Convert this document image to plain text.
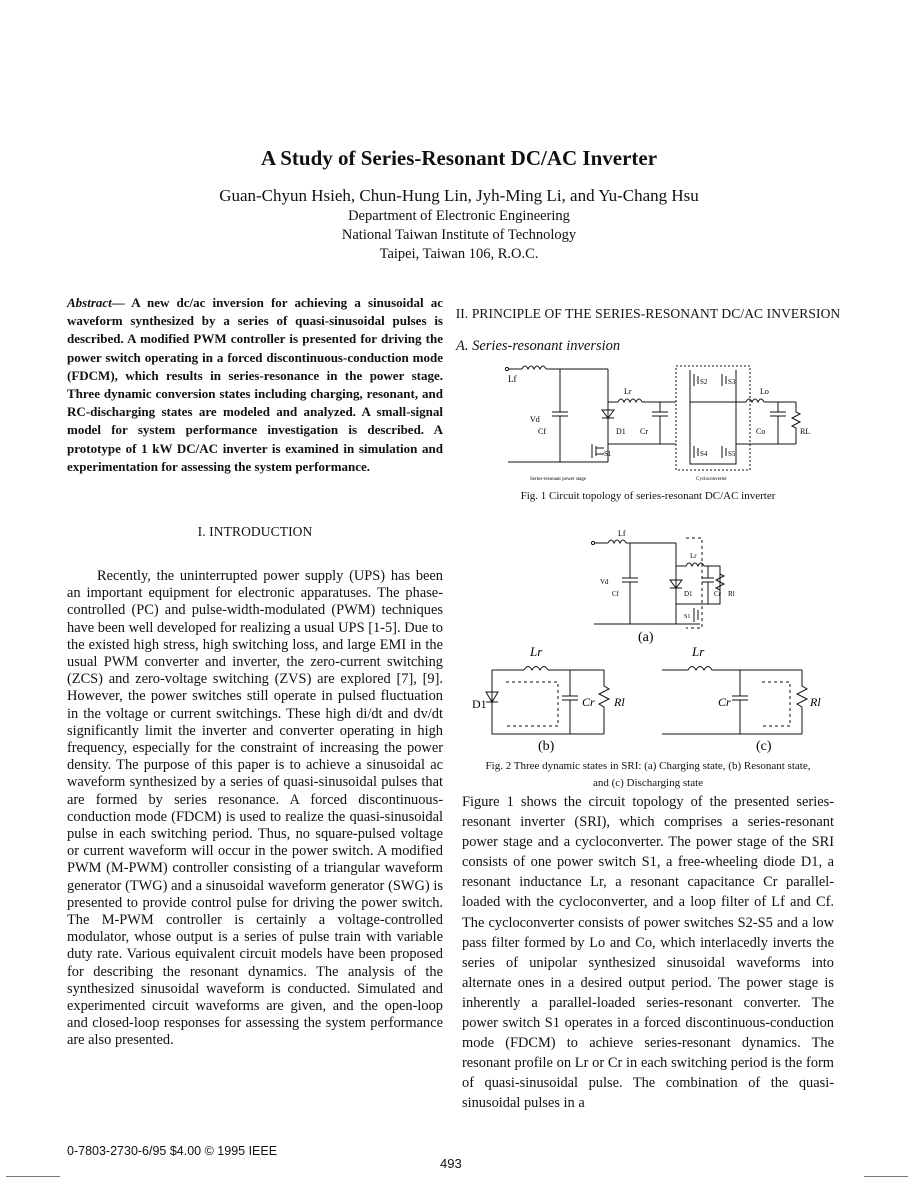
A Study of Series-Resonant DC/AC Inverter
Guan-Chyun Hsieh, Chun-Hung Lin, Jyh-Ming Li, and Yu-Chang Hsu
Department of Electronic Engineering
National Taiwan Institute of Technology
Taipei, Taiwan 106, R.O.C.
Abstract— A new dc/ac inversion for achieving a sinusoidal ac waveform synthesized by a series of quasi-sinusoidal pulses is described. A modified PWM controller is presented for driving the power switch operating in a forced discontinuous-conduction mode (FDCM), which results in series-resonance in the power stage. Three dynamic conversion states including charging, resonant, and RC-discharging states are modeled and analyzed. A small-signal model for system performance investigation is described. A prototype of 1 kW DC/AC inverter is examined in simulation and experimentation for assessing the system performance.
I. INTRODUCTION
Recently, the uninterrupted power supply (UPS) has been an important equipment for electronic apparatuses. The phase-controlled (PC) and pulse-width-modulated (PWM) techniques have been well developed for realizing a usual UPS [1-5]. Due to the existed high stress, high switching loss, and large EMI in the usual PWM converter and inverter, the zero-current switching (ZCS) and zero-voltage switching (ZVS) are explored [7], [9]. However, the power switches still operate in pulsed fluctuation in the voltage or current switchings. These high di/dt and dv/dt significantly limit the inverter and converter operating in high frequency, especially for the constraint of increasing the power density. The purpose of this paper is to achieve a sinusoidal ac waveform synthesized by a series of quasi-sinusoidal pulses that are formed by series resonance. A forced discontinuous-conduction mode (FDCM) is used to realize the quasi-sinusoidal pulse in each switching period. Thus, no square-pulsed voltage or current waveform will occur in the power switch. A modified PWM (M-PWM) controller consisting of a triangular waveform generator (TWG) and a sinusoidal waveform generator (SWG) is presented to provide control pulse for driving the power switch. The M-PWM controller is certainly a voltage-controlled modulator, whose output is a series of pulse train with variable duty rate. Various equivalent circuit models have been proposed for describing the resonant dynamics. The analysis of the synthesized sinusoidal waveform is conducted. Simulated and experimented circuit waveforms are given, and the open-loop and closed-loop responses for assessing the system performance are also presented.
II. PRINCIPLE OF THE SERIES-RESONANT DC/AC INVERSION
A. Series-resonant inversion
Lf
Lr	Lo
Vd
Cf	D1 Cr	Co	RL
S1
S2	S3
S4	S5
Series-resonant power stage	Cycloconverter
Fig. 1 Circuit topology of series-resonant DC/AC inverter
Lf
Lr
Vd
Cf	D1	Cr Rl
S1
(a)
Lr
D1	Cr Rl
(b)
Lr
Cr	Rl
(c)
Fig. 2 Three dynamic states in SRI: (a) Charging state, (b) Resonant state,
and (c) Discharging state
Figure 1 shows the circuit topology of the presented series-resonant inverter (SRI), which comprises a series-resonant power stage and a cycloconverter. The power stage of the SRI consists of one power switch S1, a free-wheeling diode D1, a resonant inductance Lr, a resonant capacitance Cr parallel-loaded with the cycloconverter, and a loop filter of Lf and Cf. The cycloconverter consists of power switches S2-S5 and a low pass filter formed by Lo and Co, which interlacedly inverts the series of unipolar synthesized sinusoidal waveforms into alternate ones in a desired output period. The power stage is inherently a parallel-loaded series-resonant converter. The power switch S1 operates in a forced discontinuous-conduction mode (FDCM) to achieve series-resonant dynamics. The resonant profile on Lr or Cr in each switching period is the form of quasi-sinusoidal pulse. The combination of the quasi-sinusoidal pulses in a
0-7803-2730-6/95 $4.00 © 1995 IEEE
493
